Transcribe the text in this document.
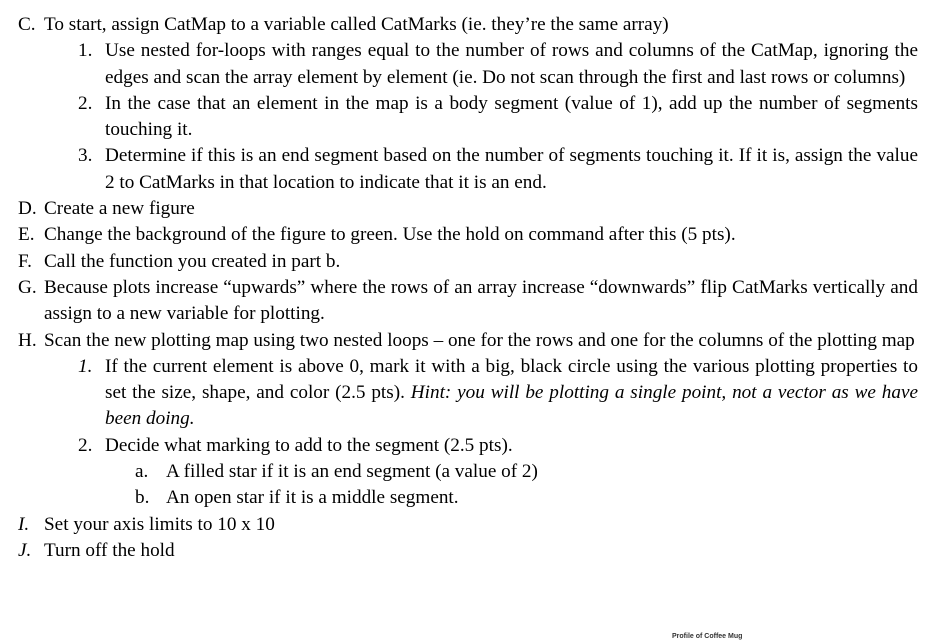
C. To start, assign CatMap to a variable called CatMarks (ie. they’re the same array)
1. Use nested for-loops with ranges equal to the number of rows and columns of the CatMap, ignoring the edges and scan the array element by element (ie. Do not scan through the first and last rows or columns)
2. In the case that an element in the map is a body segment (value of 1), add up the number of segments touching it.
3. Determine if this is an end segment based on the number of segments touching it. If it is, assign the value 2 to CatMarks in that location to indicate that it is an end.
D. Create a new figure
E. Change the background of the figure to green. Use the hold on command after this (5 pts).
F. Call the function you created in part b.
G. Because plots increase “upwards” where the rows of an array increase “downwards” flip CatMarks vertically and assign to a new variable for plotting.
H. Scan the new plotting map using two nested loops – one for the rows and one for the columns of the plotting map
1. If the current element is above 0, mark it with a big, black circle using the various plotting properties to set the size, shape, and color (2.5 pts). Hint: you will be plotting a single point, not a vector as we have been doing.
2. Decide what marking to add to the segment (2.5 pts).
a. A filled star if it is an end segment (a value of 2)
b. An open star if it is a middle segment.
I. Set your axis limits to 10 x 10
J. Turn off the hold
Profile of Coffee Mug
